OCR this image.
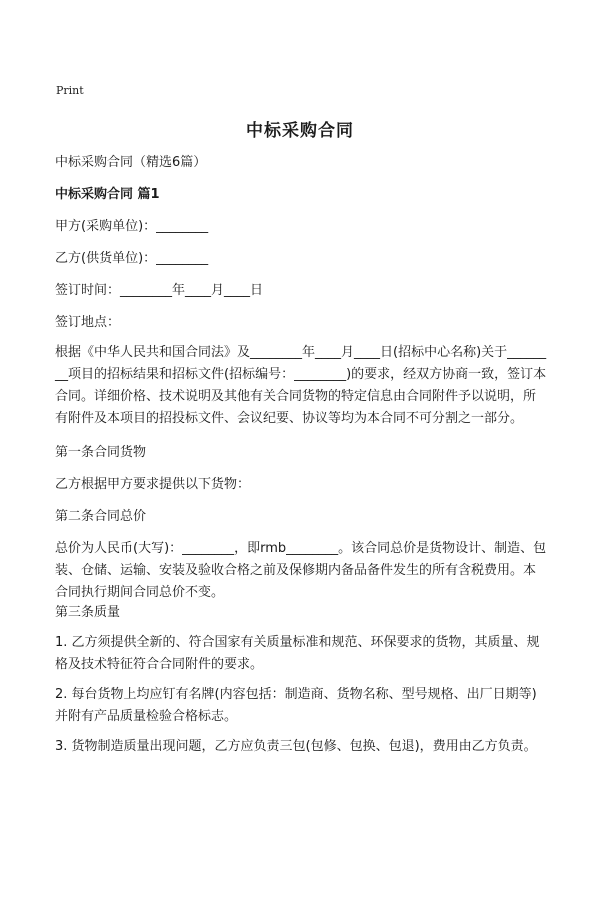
Print
中标采购合同

中标采购合同（精选6篇）

中标采购合同 篇1

甲方(采购单位)：________

乙方(供货单位)：________

签订时间：________年____月____日

签订地点：

根据《中华人民共和国合同法》及________年____月____日(招标中心名称)关于________项目的招标结果和招标文件(招标编号：________)的要求，经双方协商一致，签订本合同。详细价格、技术说明及其他有关合同货物的特定信息由合同附件予以说明，所有附件及本项目的招投标文件、会议纪要、协议等均为本合同不可分割之一部分。

第一条合同货物

乙方根据甲方要求提供以下货物：

第二条合同总价

总价为人民币(大写)：________，即rmb________。该合同总价是货物设计、制造、包装、仓储、运输、安装及验收合格之前及保修期内备品备件发生的所有含税费用。本合同执行期间合同总价不变。

第三条质量

1. 乙方须提供全新的、符合国家有关质量标准和规范、环保要求的货物，其质量、规格及技术特征符合合同附件的要求。

2. 每台货物上均应钉有名牌(内容包括：制造商、货物名称、型号规格、出厂日期等)并附有产品质量检验合格标志。

3. 货物制造质量出现问题，乙方应负责三包(包修、包换、包退)，费用由乙方负责。
